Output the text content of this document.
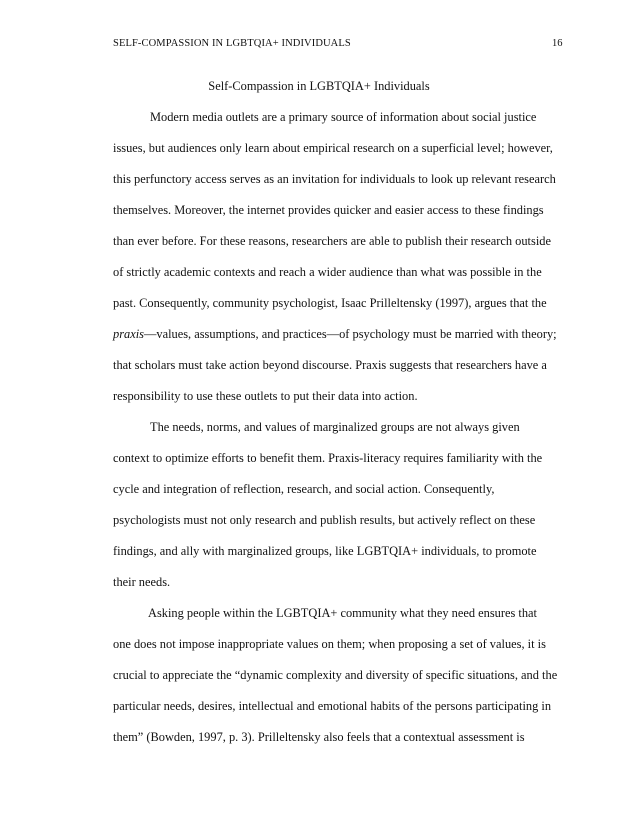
SELF-COMPASSION IN LGBTQIA+ INDIVIDUALS	16
Self-Compassion in LGBTQIA+ Individuals
Modern media outlets are a primary source of information about social justice
issues, but audiences only learn about empirical research on a superficial level; however,
this perfunctory access serves as an invitation for individuals to look up relevant research
themselves. Moreover, the internet provides quicker and easier access to these findings
than ever before. For these reasons, researchers are able to publish their research outside
of strictly academic contexts and reach a wider audience than what was possible in the
past. Consequently, community psychologist, Isaac Prilleltensky (1997), argues that the
praxis—values, assumptions, and practices—of psychology must be married with theory;
that scholars must take action beyond discourse. Praxis suggests that researchers have a
responsibility to use these outlets to put their data into action.
The needs, norms, and values of marginalized groups are not always given
context to optimize efforts to benefit them. Praxis-literacy requires familiarity with the
cycle and integration of reflection, research, and social action. Consequently,
psychologists must not only research and publish results, but actively reflect on these
findings, and ally with marginalized groups, like LGBTQIA+ individuals, to promote
their needs.
Asking people within the LGBTQIA+ community what they need ensures that
one does not impose inappropriate values on them; when proposing a set of values, it is
crucial to appreciate the “dynamic complexity and diversity of specific situations, and the
particular needs, desires, intellectual and emotional habits of the persons participating in
them” (Bowden, 1997, p. 3). Prilleltensky also feels that a contextual assessment is
